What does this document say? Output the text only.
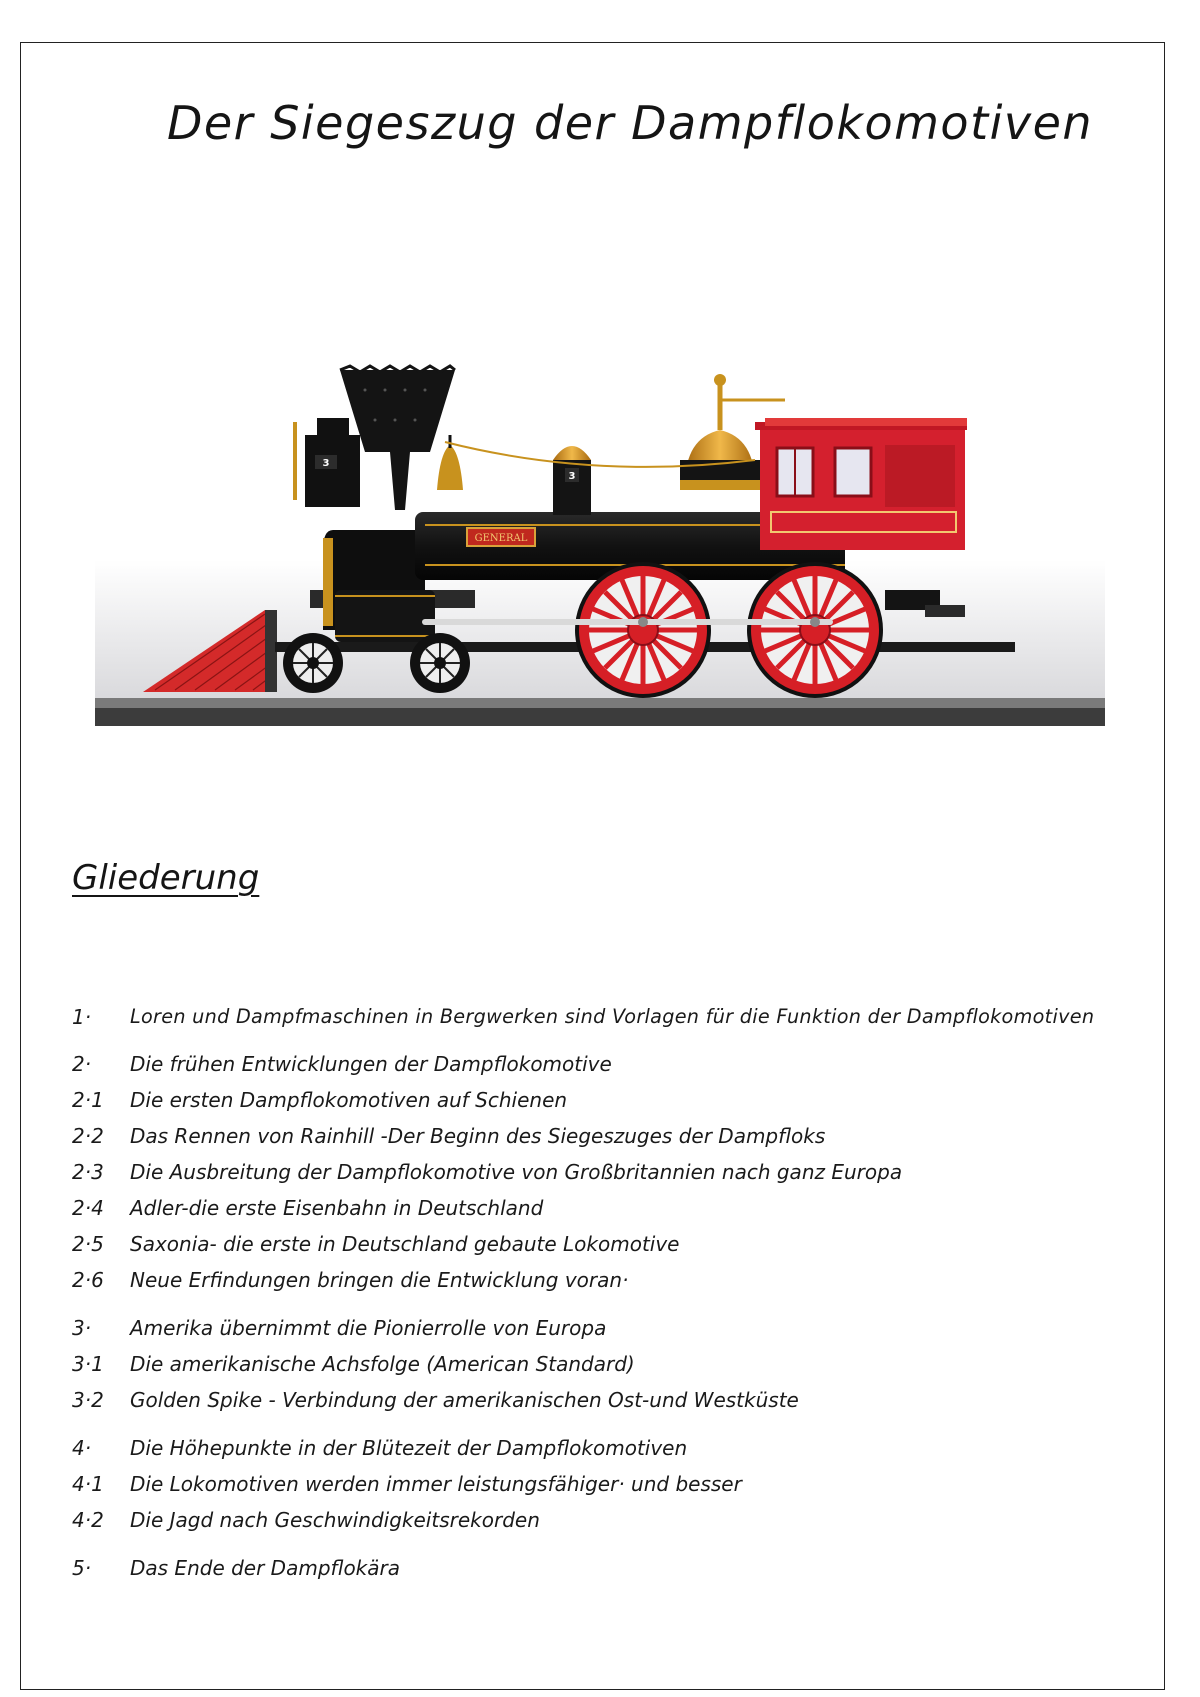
Der Siegeszug der Dampflokomotiven
3
3
GENERAL
Gliederung
1·	Loren und Dampfmaschinen in Bergwerken sind Vorlagen für die Funktion der Dampflokomotiven
2·	Die frühen Entwicklungen der Dampflokomotive
2·1	Die ersten Dampflokomotiven auf Schienen
2·2	Das Rennen von Rainhill -Der Beginn des Siegeszuges der Dampfloks
2·3	Die Ausbreitung der Dampflokomotive von Großbritannien nach ganz Europa
2·4	Adler-die erste Eisenbahn in Deutschland
2·5	Saxonia- die erste in Deutschland gebaute Lokomotive
2·6	Neue Erfindungen bringen die Entwicklung voran·
3·	Amerika übernimmt die Pionierrolle von Europa
3·1	Die amerikanische Achsfolge (American Standard)
3·2	Golden Spike - Verbindung der amerikanischen Ost-und Westküste
4·	Die Höhepunkte in der Blütezeit der Dampflokomotiven
4·1	Die Lokomotiven werden immer leistungsfähiger· und besser
4·2	Die Jagd nach Geschwindigkeitsrekorden
5·	Das Ende der Dampflokära
